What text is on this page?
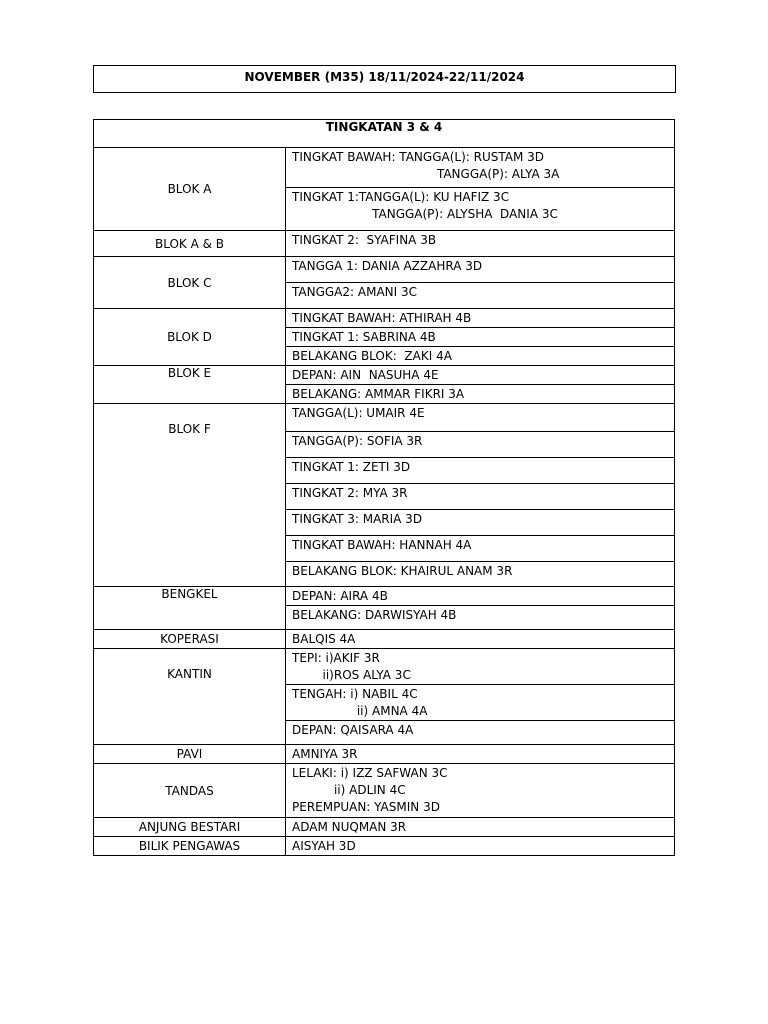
NOVEMBER (M35) 18/11/2024-22/11/2024
TINGKATAN 3 & 4	
BLOK A	TINGKAT BAWAH: TANGGA(L): RUSTAM 3D
TANGGA(P): ALYA 3A

	TINGKAT 1:TANGGA(L): KU HAFIZ 3C
TANGGA(P): ALYSHA  DANIA 3C

BLOK A & B	TINGKAT 2:  SYAFINA 3B

BLOK C	TANGGA 1: DANIA AZZAHRA 3D

	TANGGA2: AMANI 3C

BLOK D	TINGKAT BAWAH: ATHIRAH 4B

	TINGKAT 1: SABRINA 4B

	BELAKANG BLOK:  ZAKI 4A

BLOK E	DEPAN: AIN  NASUHA 4E

	BELAKANG: AMMAR FIKRI 3A

BLOK F	TANGGA(L): UMAIR 4E

	TANGGA(P): SOFIA 3R

	TINGKAT 1: ZETI 3D

	TINGKAT 2: MYA 3R

	TINGKAT 3: MARIA 3D

	TINGKAT BAWAH: HANNAH 4A

	BELAKANG BLOK: KHAIRUL ANAM 3R

BENGKEL	DEPAN: AIRA 4B

	BELAKANG: DARWISYAH 4B

KOPERASI	BALQIS 4A

KANTIN	TEPI: i)AKIF 3R
ii)ROS ALYA 3C

	TENGAH: i) NABIL 4C
ii) AMNA 4A

	DEPAN: QAISARA 4A

PAVI	AMNIYA 3R

TANDAS	LELAKI: i) IZZ SAFWAN 3C
ii) ADLIN 4C
PEREMPUAN: YASMIN 3D

ANJUNG BESTARI	ADAM NUQMAN 3R

BILIK PENGAWAS	AISYAH 3D
